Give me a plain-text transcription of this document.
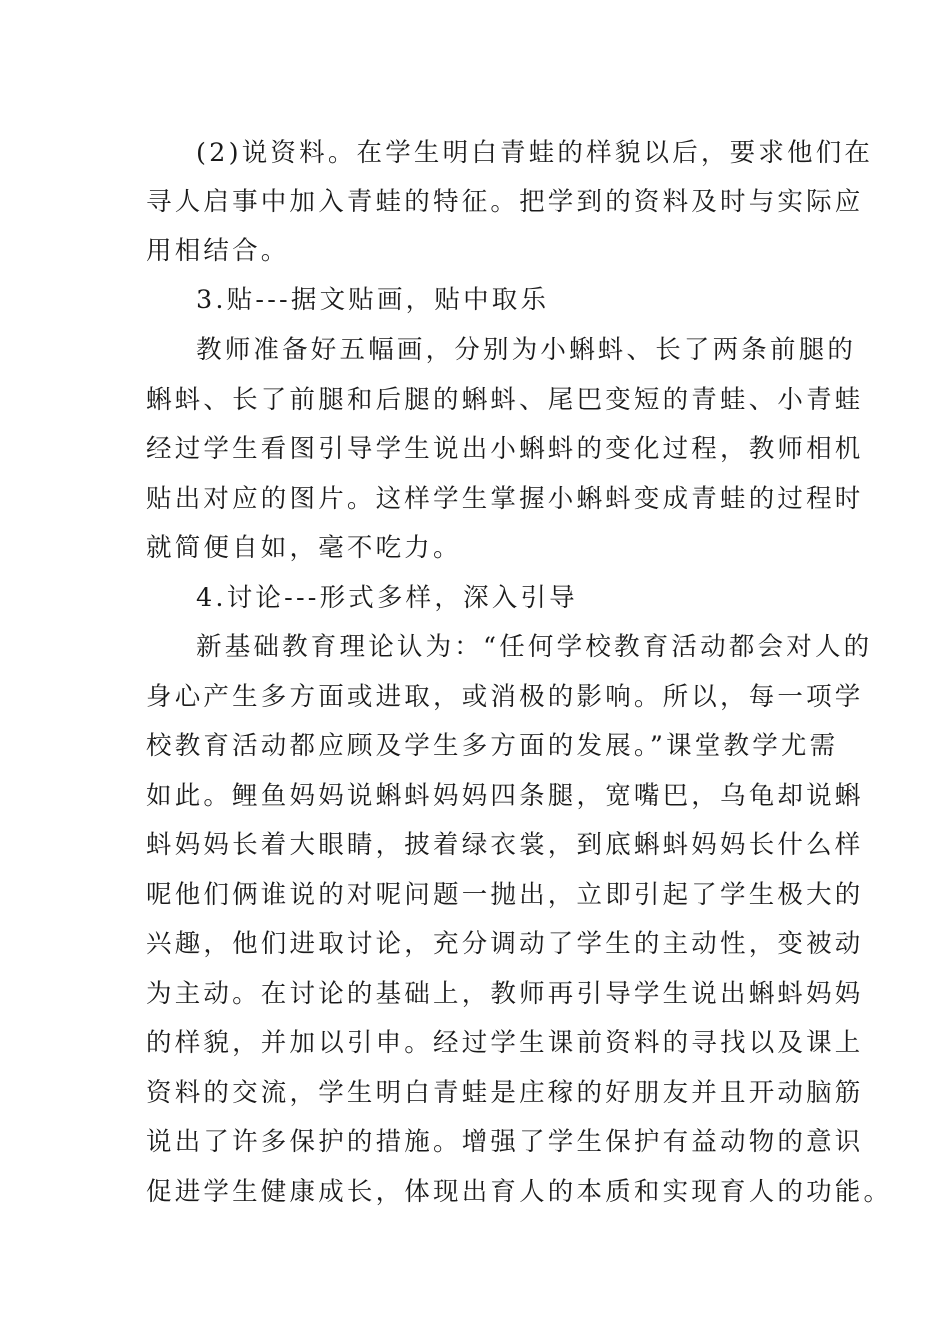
(2)说资料。在学生明白青蛙的样貌以后，要求他们在
寻人启事中加入青蛙的特征。把学到的资料及时与实际应
用相结合。
3.贴---据文贴画，贴中取乐
教师准备好五幅画，分别为小蝌蚪、长了两条前腿的
蝌蚪、长了前腿和后腿的蝌蚪、尾巴变短的青蛙、小青蛙
经过学生看图引导学生说出小蝌蚪的变化过程，教师相机
贴出对应的图片。这样学生掌握小蝌蚪变成青蛙的过程时
就简便自如，毫不吃力。
4.讨论---形式多样，深入引导
新基础教育理论认为：“任何学校教育活动都会对人的
身心产生多方面或进取，或消极的影响。所以，每一项学
校教育活动都应顾及学生多方面的发展。”课堂教学尤需
如此。鲤鱼妈妈说蝌蚪妈妈四条腿，宽嘴巴，乌龟却说蝌
蚪妈妈长着大眼睛，披着绿衣裳，到底蝌蚪妈妈长什么样
呢他们俩谁说的对呢问题一抛出，立即引起了学生极大的
兴趣，他们进取讨论，充分调动了学生的主动性，变被动
为主动。在讨论的基础上，教师再引导学生说出蝌蚪妈妈
的样貌，并加以引申。经过学生课前资料的寻找以及课上
资料的交流，学生明白青蛙是庄稼的好朋友并且开动脑筋
说出了许多保护的措施。增强了学生保护有益动物的意识
促进学生健康成长，体现出育人的本质和实现育人的功能。
